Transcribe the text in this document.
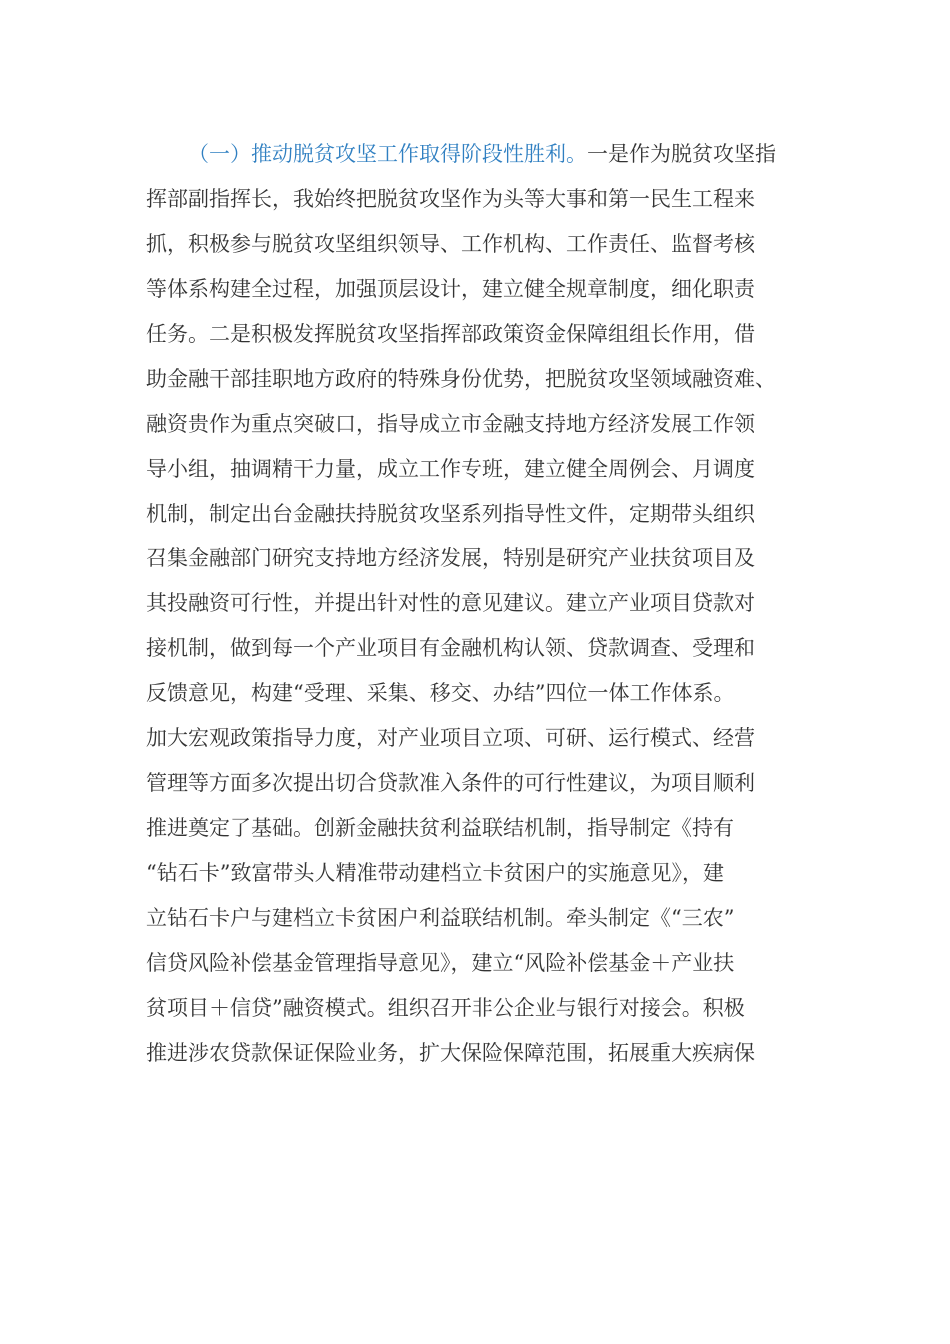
（一）推动脱贫攻坚工作取得阶段性胜利。一是作为脱贫攻坚指
挥部副指挥长，我始终把脱贫攻坚作为头等大事和第一民生工程来
抓，积极参与脱贫攻坚组织领导、工作机构、工作责任、监督考核
等体系构建全过程，加强顶层设计，建立健全规章制度，细化职责
任务。二是积极发挥脱贫攻坚指挥部政策资金保障组组长作用，借
助金融干部挂职地方政府的特殊身份优势，把脱贫攻坚领域融资难、
融资贵作为重点突破口，指导成立市金融支持地方经济发展工作领
导小组，抽调精干力量，成立工作专班，建立健全周例会、月调度
机制，制定出台金融扶持脱贫攻坚系列指导性文件，定期带头组织
召集金融部门研究支持地方经济发展，特别是研究产业扶贫项目及
其投融资可行性，并提出针对性的意见建议。建立产业项目贷款对
接机制，做到每一个产业项目有金融机构认领、贷款调查、受理和
反馈意见，构建“受理、采集、移交、办结”四位一体工作体系。
加大宏观政策指导力度，对产业项目立项、可研、运行模式、经营
管理等方面多次提出切合贷款准入条件的可行性建议，为项目顺利
推进奠定了基础。创新金融扶贫利益联结机制，指导制定《持有
“钻石卡”致富带头人精准带动建档立卡贫困户的实施意见》，建
立钻石卡户与建档立卡贫困户利益联结机制。牵头制定《“三农”
信贷风险补偿基金管理指导意见》，建立“风险补偿基金＋产业扶
贫项目＋信贷”融资模式。组织召开非公企业与银行对接会。积极
推进涉农贷款保证保险业务，扩大保险保障范围，拓展重大疾病保
